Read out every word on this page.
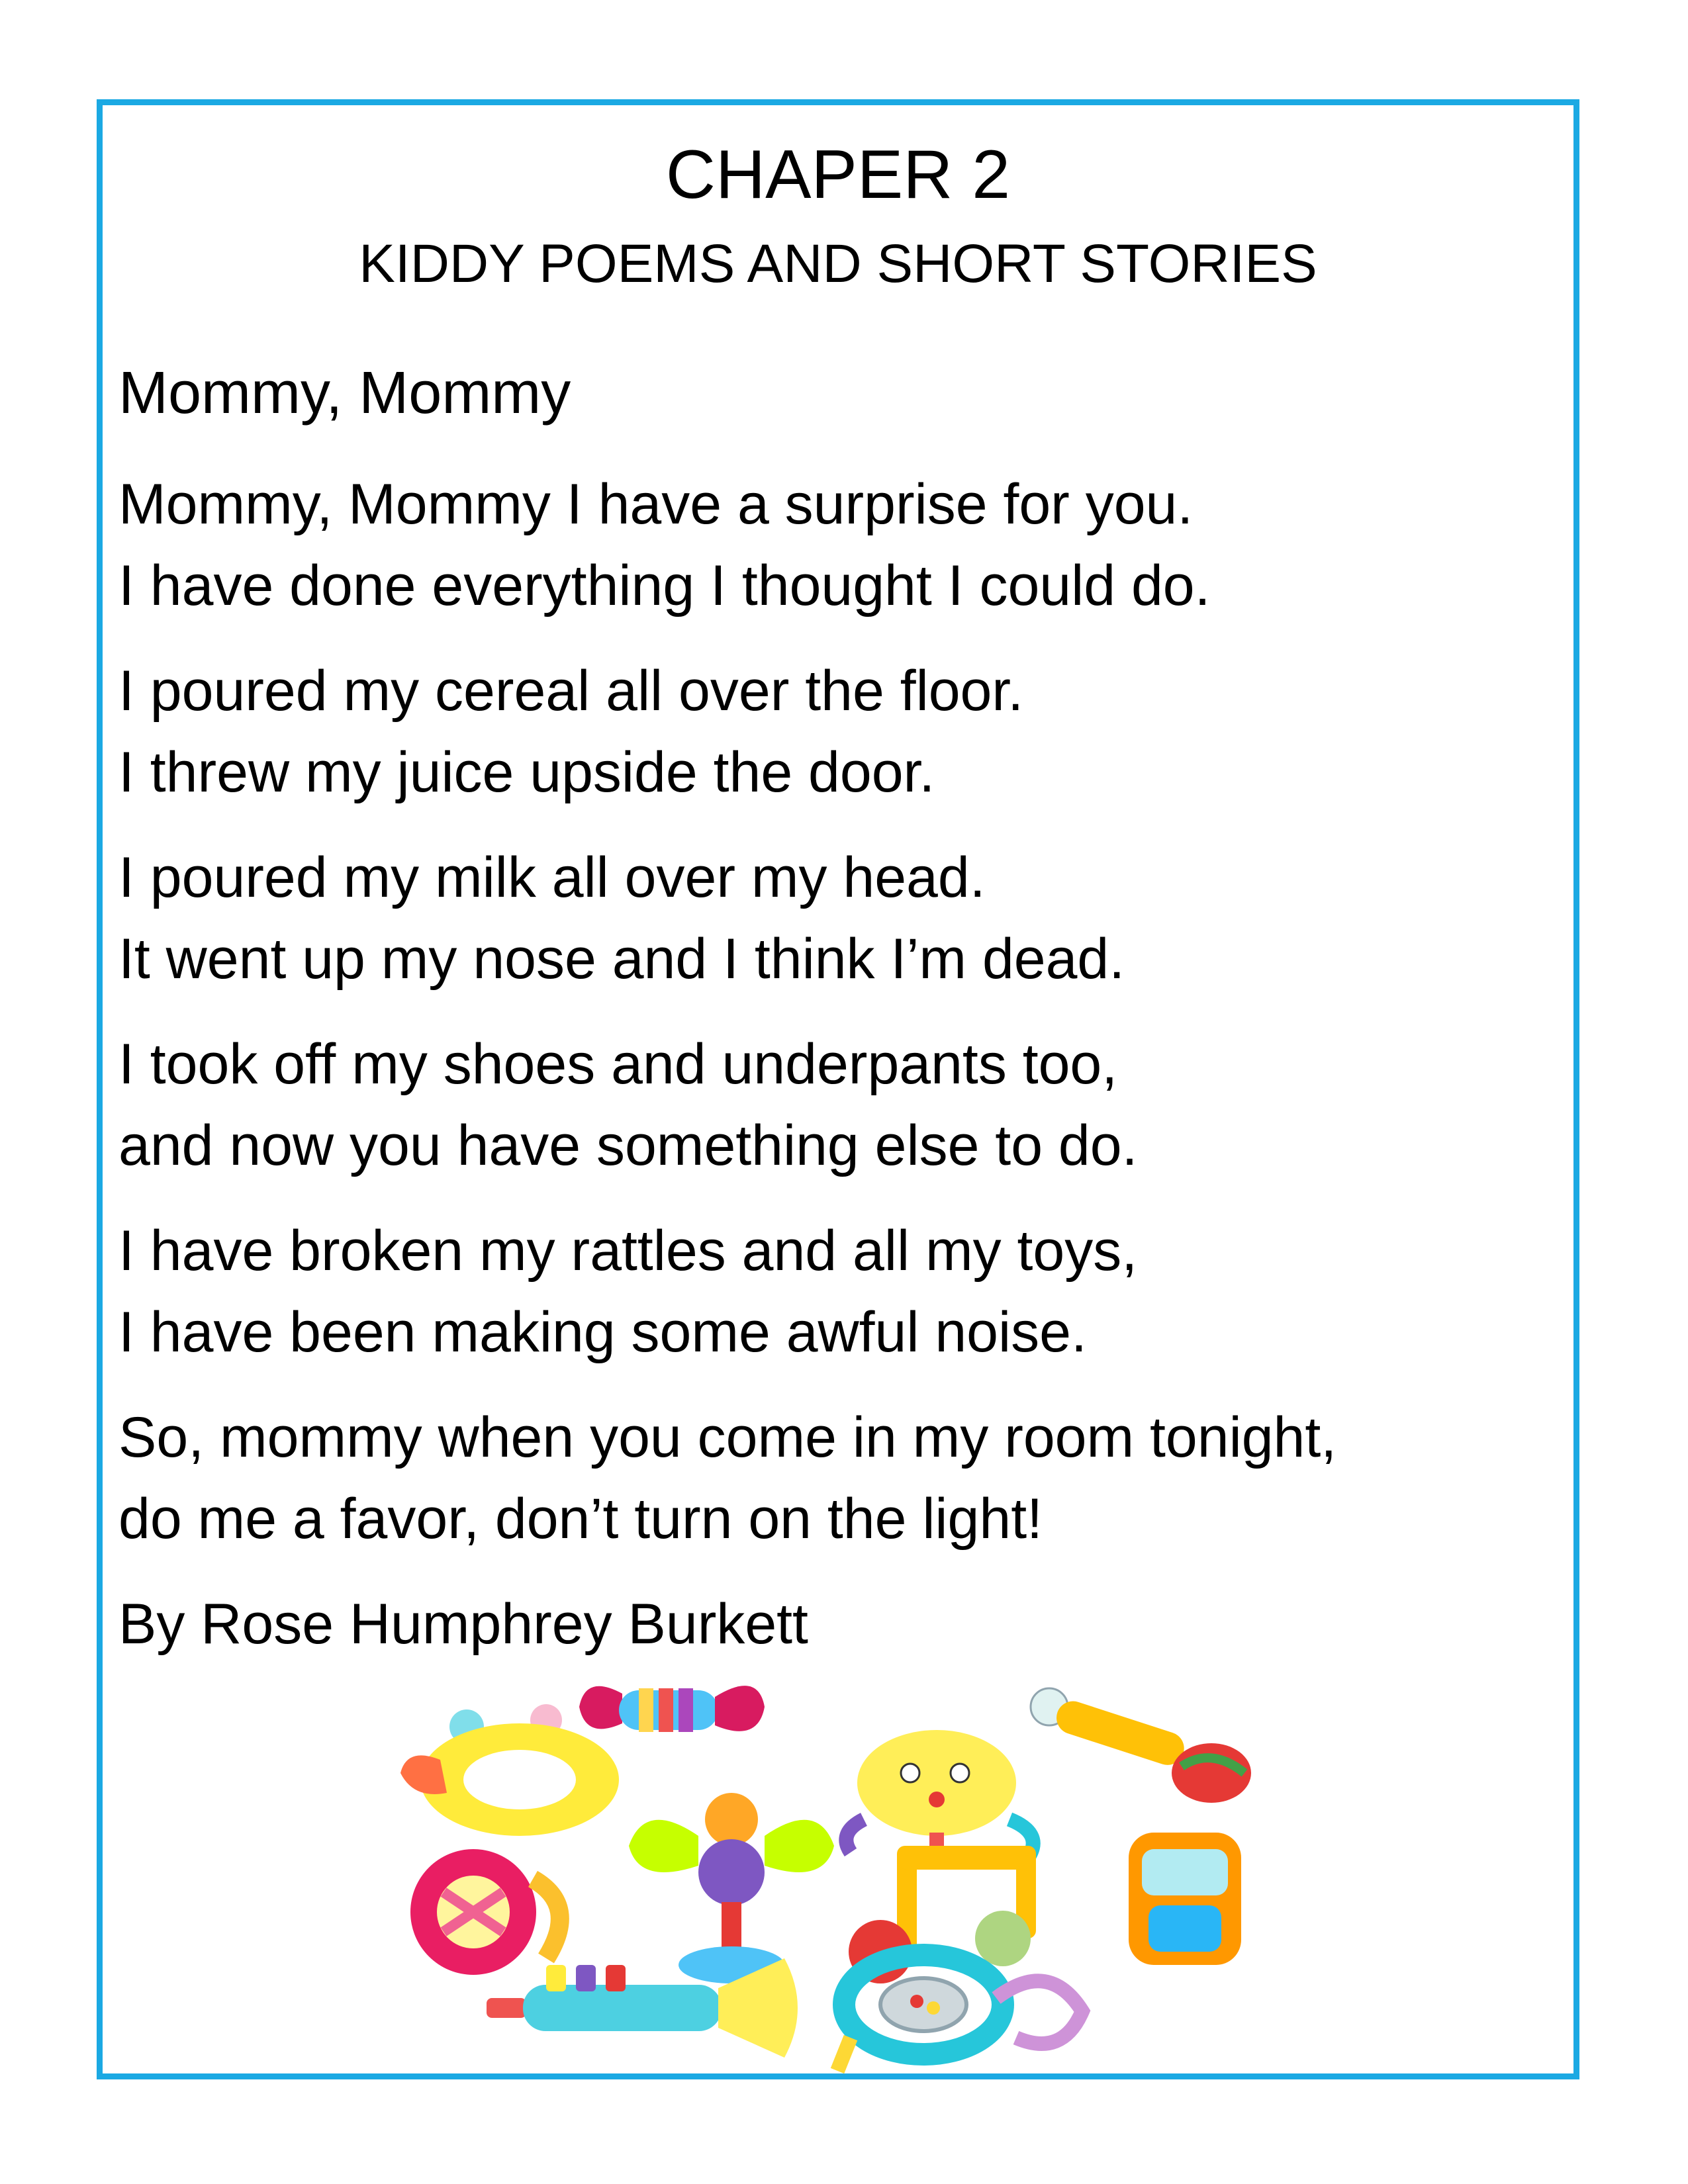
CHAPER 2
KIDDY POEMS AND SHORT STORIES
Mommy, Mommy
Mommy, Mommy I have a surprise for you.
I have done everything I thought I could do.
I poured my cereal all over the floor.
I threw my juice upside the door.
I poured my milk all over my head.
It went up my nose and I think I’m dead.
I took off my shoes and underpants too,
and now you have something else to do.
I have broken my rattles and all my toys,
I have been making some awful noise.
So, mommy when you come in my room tonight,
do me a favor, don’t turn on the light!
By Rose Humphrey Burkett
